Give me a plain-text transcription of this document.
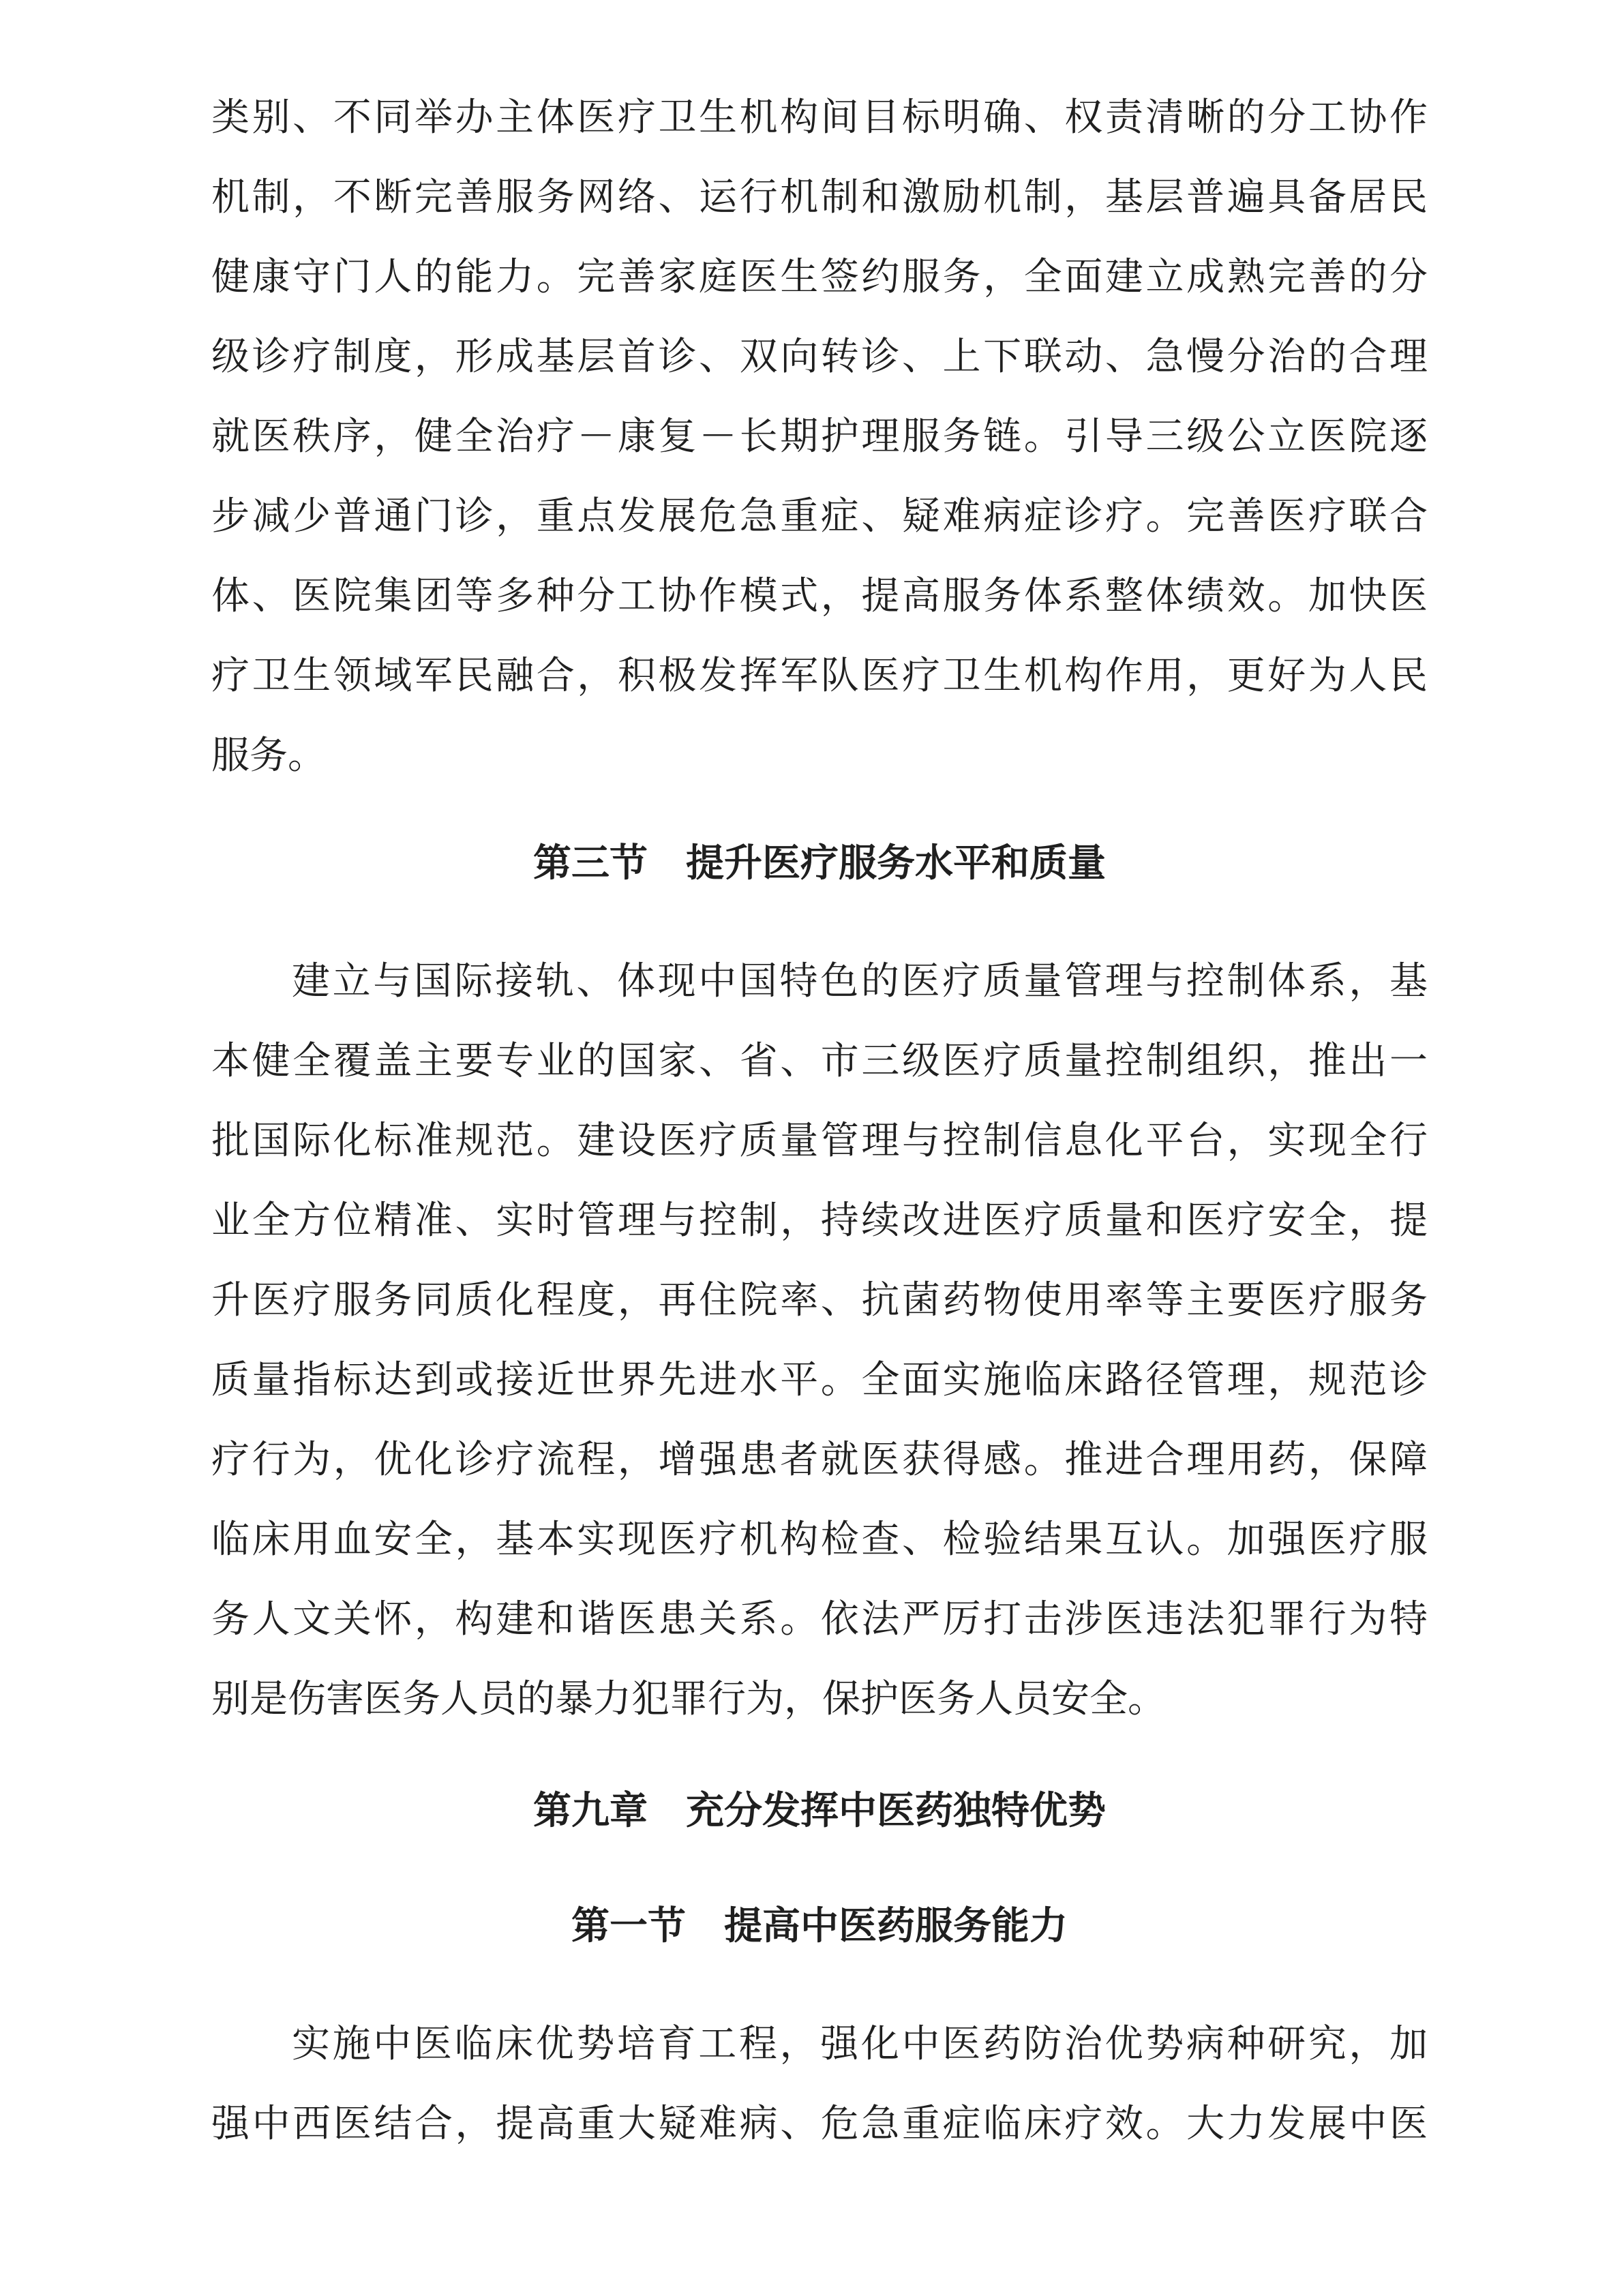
类别、不同举办主体医疗卫生机构间目标明确、权责清晰的分工协作
机制，不断完善服务网络、运行机制和激励机制，基层普遍具备居民
健康守门人的能力。完善家庭医生签约服务，全面建立成熟完善的分
级诊疗制度，形成基层首诊、双向转诊、上下联动、急慢分治的合理
就医秩序，健全治疗－康复－长期护理服务链。引导三级公立医院逐
步减少普通门诊，重点发展危急重症、疑难病症诊疗。完善医疗联合
体、医院集团等多种分工协作模式，提高服务体系整体绩效。加快医
疗卫生领域军民融合，积极发挥军队医疗卫生机构作用，更好为人民
服务。
第三节　提升医疗服务水平和质量
建立与国际接轨、体现中国特色的医疗质量管理与控制体系，基
本健全覆盖主要专业的国家、省、市三级医疗质量控制组织，推出一
批国际化标准规范。建设医疗质量管理与控制信息化平台，实现全行
业全方位精准、实时管理与控制，持续改进医疗质量和医疗安全，提
升医疗服务同质化程度，再住院率、抗菌药物使用率等主要医疗服务
质量指标达到或接近世界先进水平。全面实施临床路径管理，规范诊
疗行为，优化诊疗流程，增强患者就医获得感。推进合理用药，保障
临床用血安全，基本实现医疗机构检查、检验结果互认。加强医疗服
务人文关怀，构建和谐医患关系。依法严厉打击涉医违法犯罪行为特
别是伤害医务人员的暴力犯罪行为，保护医务人员安全。
第九章　充分发挥中医药独特优势
第一节　提高中医药服务能力
实施中医临床优势培育工程，强化中医药防治优势病种研究，加
强中西医结合，提高重大疑难病、危急重症临床疗效。大力发展中医
